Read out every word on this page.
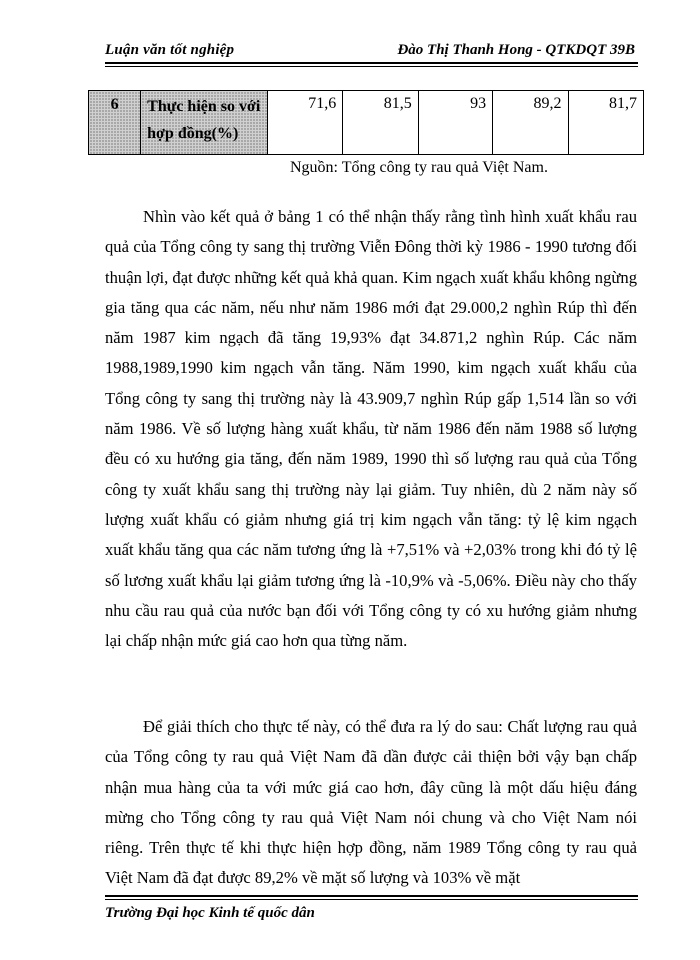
Luận văn tốt nghiệp	Đào Thị Thanh Hong - QTKDQT 39B
6	Thực hiện so với hợp đồng(%)	71,6	81,5	93	89,2	81,7
Nguồn: Tổng công ty rau quả Việt Nam.

Nhìn vào kết quả ở bảng 1 có thể nhận thấy rằng tình hình xuất khẩu rau quả của Tổng công ty sang thị trường Viễn Đông thời kỳ 1986 - 1990 tương đối thuận lợi, đạt được những kết quả khả quan. Kim ngạch xuất khẩu không ngừng gia tăng qua các năm, nếu như năm 1986 mới đạt 29.000,2 nghìn Rúp thì đến năm 1987 kim ngạch đã tăng 19,93% đạt 34.871,2 nghìn Rúp. Các năm 1988,1989,1990 kim ngạch vẫn tăng. Năm 1990, kim ngạch xuất khẩu của Tổng công ty sang thị trường này là 43.909,7 nghìn Rúp gấp 1,514 lần so với năm 1986. Về số lượng hàng xuất khẩu, từ năm 1986 đến năm 1988 số lượng đều có xu hướng gia tăng, đến năm 1989, 1990 thì số lượng rau quả của Tổng công ty xuất khẩu sang thị trường này lại giảm. Tuy nhiên, dù 2 năm này số lượng xuất khẩu có giảm nhưng giá trị kim ngạch vẫn tăng: tỷ lệ kim ngạch xuất khẩu tăng qua các năm tương ứng là +7,51% và +2,03% trong khi đó tỷ lệ số lương xuất khẩu lại giảm tương ứng là -10,9% và -5,06%. Điều này cho thấy nhu cầu rau quả của nước bạn đối với Tổng công ty có xu hướng giảm nhưng lại chấp nhận mức giá cao hơn qua từng năm.

Để giải thích cho thực tế này, có thể đưa ra lý do sau: Chất lượng rau quả của Tổng công ty rau quả Việt Nam đã dần được cải thiện bởi vậy bạn chấp nhận mua hàng của ta với mức giá cao hơn, đây cũng là một dấu hiệu đáng mừng cho Tổng công ty rau quả Việt Nam nói chung và cho Việt Nam nói riêng. Trên thực tế khi thực hiện hợp đồng, năm 1989 Tổng công ty rau quả Việt Nam đã đạt được 89,2% về mặt số lượng và 103% về mặt

Trường Đại học Kinh tế quốc dân
